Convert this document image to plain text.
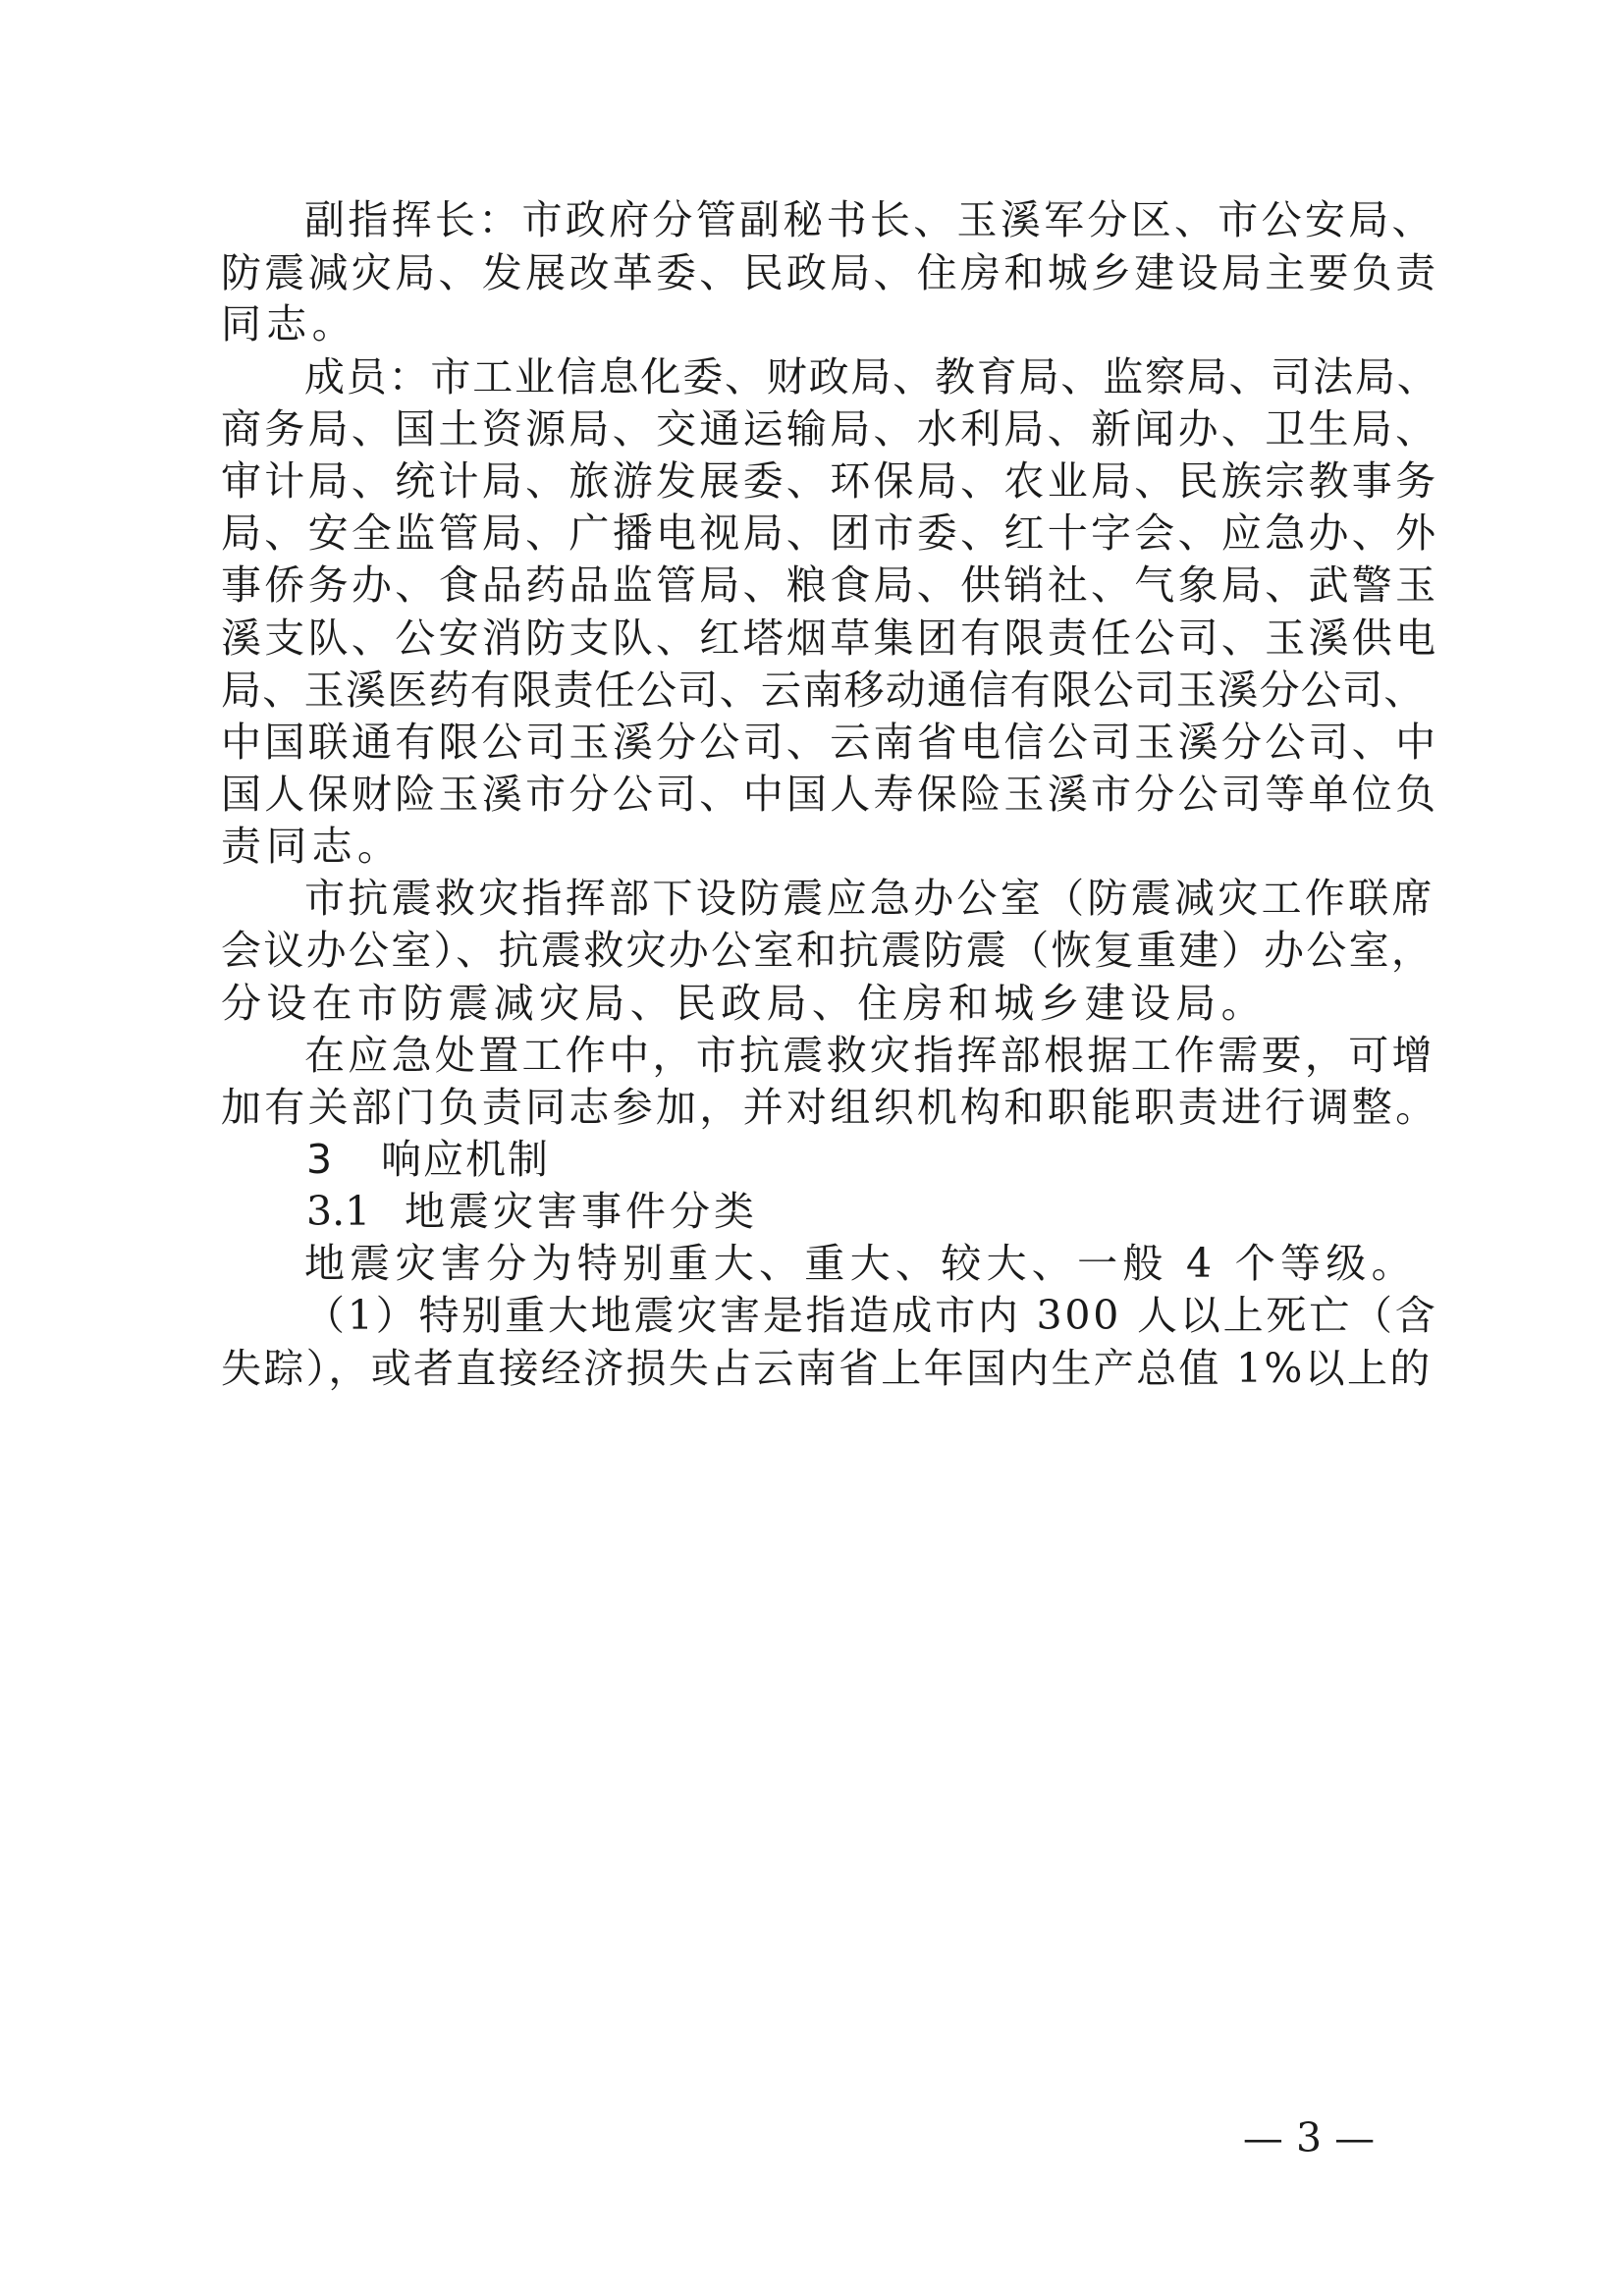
副指挥长：市政府分管副秘书长、玉溪军分区、市公安局、
防震减灾局、发展改革委、民政局、住房和城乡建设局主要负责
同志。
成员：市工业信息化委、财政局、教育局、监察局、司法局、
商务局、国土资源局、交通运输局、水利局、新闻办、卫生局、
审计局、统计局、旅游发展委、环保局、农业局、民族宗教事务
局、安全监管局、广播电视局、团市委、红十字会、应急办、外
事侨务办、食品药品监管局、粮食局、供销社、气象局、武警玉
溪支队、公安消防支队、红塔烟草集团有限责任公司、玉溪供电
局、玉溪医药有限责任公司、云南移动通信有限公司玉溪分公司、
中国联通有限公司玉溪分公司、云南省电信公司玉溪分公司、中
国人保财险玉溪市分公司、中国人寿保险玉溪市分公司等单位负
责同志。
市抗震救灾指挥部下设防震应急办公室（防震减灾工作联席
会议办公室）、抗震救灾办公室和抗震防震（恢复重建）办公室，
分设在市防震减灾局、民政局、住房和城乡建设局。
在应急处置工作中，市抗震救灾指挥部根据工作需要，可增
加有关部门负责同志参加，并对组织机构和职能职责进行调整。
3 响应机制
3.1 地震灾害事件分类
地震灾害分为特别重大、重大、较大、一般 4 个等级。
（1）特别重大地震灾害是指造成市内 300 人以上死亡（含
失踪），或者直接经济损失占云南省上年国内生产总值 1%以上的
— 3 —
